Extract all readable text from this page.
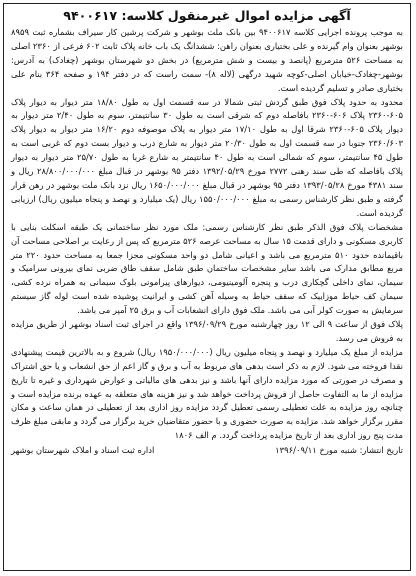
آگهی مزایده اموال غیرمنقول کلاسه: ۹۴۰۰۶۱۷

به موجب پرونده اجرایی کلاسه ۹۴۰۰۶۱۷ بین بانک ملت بوشهر و شرکت پرشین کار سیراف بشماره ثبت ۸۹۵۹ بوشهر بعنوان وام گیرنده و علی بختیاری بعنوان راهن: ششدانگ یک باب خانه پلاک ثابت ۶۰۲ فرعی از ۲۳۶۰ اصلی به مساحت ۵۲۶ مترمربع (پانصد و بیست و شش مترمربع) در بخش دو شهرستان بوشهر (چغادک) به آدرس: بوشهر-چغادک-خیابان اصلی-کوچه شهید درگهی (لاله ۸)- سمت راست که در دفتر ۱۹۴ و صفحه ۳۶۴ بنام علی بختیاری صادر و تسلیم گردیده است.

محدود به حدود پلاک فوق طبق گردش ثبتی شمالا در سه قسمت اول به طول ۱۸/۸۰ متر دیوار به دیوار پلاک ۶۰۵-۲۳۶۰ پلاک ۶۰۶-۲۳۶۰ بافاصله دوم که شرقی است به طول ۳۰ سانتیمتر، سوم به طول ۲/۴۰ متر دیوار به دیوار پلاک ۶۰۵-۲۳۶۰ شرقا اول به طول ۱۷/۱۰ متر دیوار به پلاک موصوفه دوم ۱۶/۲۰ متر دیوار به دیوار پلاک ۲۳۶۰/۶۰۳ جنوبا در سه قسمت اول به طول ۲۰/۳۰ متر دیوار به شارع درب و دیوار بست دوم که غربی است به طول ۴۵ سانتیمتر، سوم که شمالی است به طول ۴۰ سانتیمتر به شارع غربا به طول ۲۵/۷۰ متر دیوار به دیوار پلاک بافاصله که طی سند رهنی ۲۷۷۲ مورخ ۱۳۹۲/۰۵/۲۹ دفتر ۹۵ بوشهر در قبال مبلغ ۲۸/۸۰۰/۰۰۰/۰۰۰ ریال و سند ۴۳۸۱ مورخ ۱۳۹۳/۰۵/۲۸ دفتر ۹۵ بوشهر در قبال مبلغ ۱۶۵۰/۰۰۰/۰۰۰ ریال نزد بانک ملت بوشهر در رهن قرار گرفته و طبق نظر کارشناس رسمی به مبلغ ۱۵۵۰/۰۰۰/۰۰۰ ریال (یک میلیارد و نهصد و پنجاه میلیون ریال) ارزیابی گردیده است.

مشخصات پلاک فوق الذکر طبق نظر کارشناس رسمی: ملک مورد نظر ساختمانی یک طبقه اسکلت بنایی با کاربری مسکونی و دارای قدمت ۱۵ سال به مساحت عرصه ۵۲۶ مترمربع که پس از رعایت بر اصلاحی مساحت آن باقیمانده حدود ۵۱۰ مترمربع می باشد و اعیانی شامل دو واحد مسکونی مجزا جمعا به مساحت حدود ۲۲۰ متر مربع مطابق مدارک می باشد سایر مشخصات ساختمان طبق شامل سقف طاق ضربی نمای بیرونی سرامیک و سیمان، نمای داخلی گچکاری درب و پنجره آلومینیومی، دیوارهای پیرامونی بلوک سیمانی به همراه نرده کشی، سیمان کف حیاط موزاییک که سقف حیاط به وسیله آهن کشی و ایرانیت پوشیده شده است لوله گاز سیستم سرمایش به صورت کولر آبی می باشد. ملک فوق دارای انشعابات آب و برق ۲۵ آمپر می باشد.

پلاک فوق از ساعت ۹ الی ۱۲ روز چهارشنبه مورخ ۱۳۹۶/۰۹/۲۹ واقع در اجرای ثبت اسناد بوشهر از طریق مزایده به فروش می رسد.

مزایده از مبلغ یک میلیارد و نهصد و پنجاه میلیون ریال (۱۹۵۰/۰۰۰/۰۰۰ ریال) شروع و به بالاترین قیمت پیشنهادی نقدا فروخته می شود. لازم به ذکر است بدهی های مربوط به آب و برق و گاز اعم از حق انشعاب و یا حق اشتراک و مصرف در صورتی که مورد مزایده دارای آنها باشد و نیز بدهی های مالیاتی و عوارض شهرداری و غیره تا تاریخ مزایده از ما به التفاوت حاصل از فروش پرداخت خواهد شد و نیز هزینه های متعلقه به عهده برنده مزایده است و چنانچه روز مزایده به علت تعطیلی رسمی تعطیل گردد مزایده روز اداری بعد از تعطیلی در همان ساعت و مکان مقرر برگزار خواهد شد. مزایده به صورت حضوری و با حضور متقاضیان خرید برگزار می گردد و مابقی مبلغ ظرف مدت پنج روز اداری بعد از تاریخ مزایده پرداخت گردد. م الف ۱۸۰۶

تاریخ انتشار: شنبه مورخ ۱۳۹۶/۰۹/۱۱
اداره ثبت اسناد و املاک شهرستان بوشهر
